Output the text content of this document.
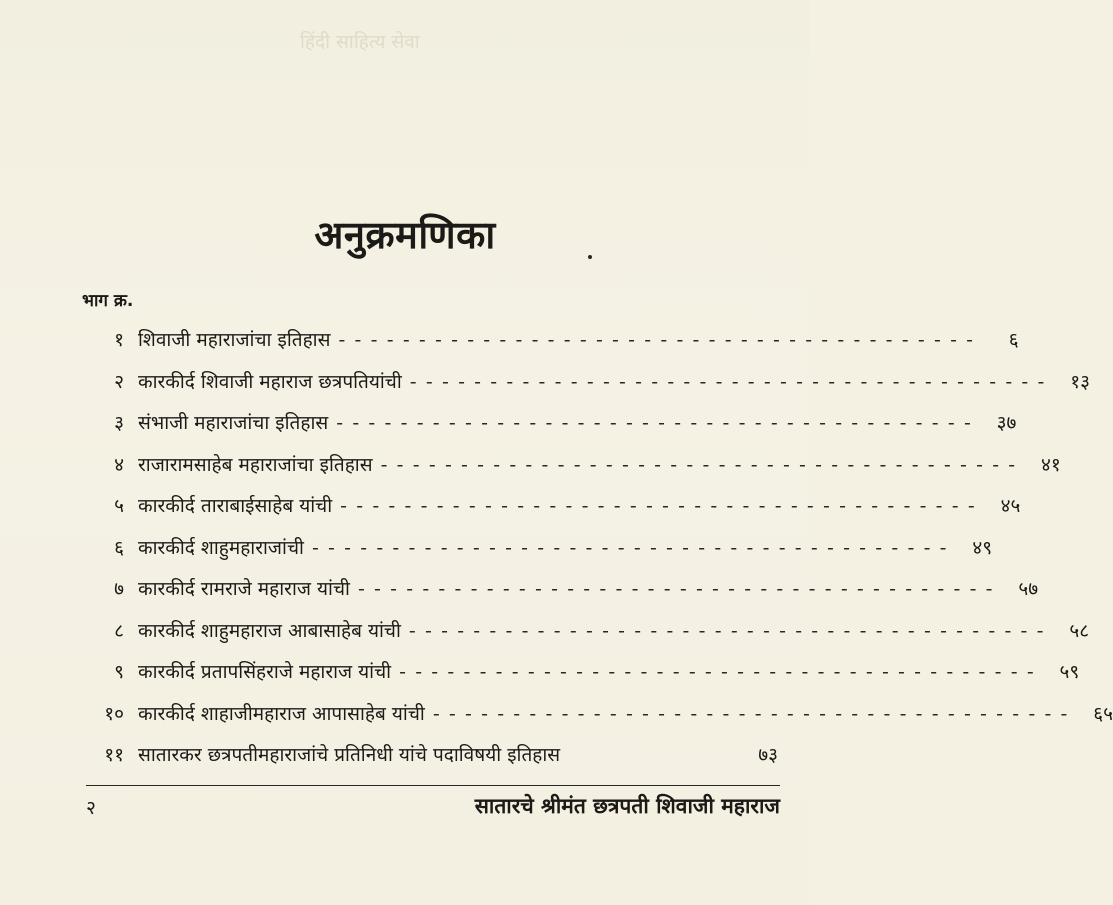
हिंदी साहित्य सेवा
अनुक्रमणिका
भाग क्र.
१ शिवाजी महाराजांचा इतिहास - - - - - - - - - - - - - - - - - - - - - - - - - - - - - - - - - - - - - - - -	६
२ कारकीर्द शिवाजी महाराज छत्रपतियांची - - - - - - - - - - - - - - - - - - - - - - - - - - - - - - - - - - - - - - - -	१३
३ संभाजी महाराजांचा इतिहास - - - - - - - - - - - - - - - - - - - - - - - - - - - - - - - - - - - - - - - -	३७
४ राजारामसाहेब महाराजांचा इतिहास - - - - - - - - - - - - - - - - - - - - - - - - - - - - - - - - - - - - - - - -	४१
५ कारकीर्द ताराबाईसाहेब यांची - - - - - - - - - - - - - - - - - - - - - - - - - - - - - - - - - - - - - - - -	४५
६ कारकीर्द शाहुमहाराजांची - - - - - - - - - - - - - - - - - - - - - - - - - - - - - - - - - - - - - - - -	४९
७ कारकीर्द रामराजे महाराज यांची - - - - - - - - - - - - - - - - - - - - - - - - - - - - - - - - - - - - - - - -	५७
८ कारकीर्द शाहुमहाराज आबासाहेब यांची - - - - - - - - - - - - - - - - - - - - - - - - - - - - - - - - - - - - - - - -	५८
९ कारकीर्द प्रतापसिंहराजे महाराज यांची - - - - - - - - - - - - - - - - - - - - - - - - - - - - - - - - - - - - - - - -	५९
१० कारकीर्द शाहाजीमहाराज आपासाहेब यांची - - - - - - - - - - - - - - - - - - - - - - - - - - - - - - - - - - - - - - - -	६५
११ सातारकर छत्रपतीमहाराजांचे प्रतिनिधी यांचे पदाविषयी इतिहास	७३
२	सातारचे श्रीमंत छत्रपती शिवाजी महाराज
